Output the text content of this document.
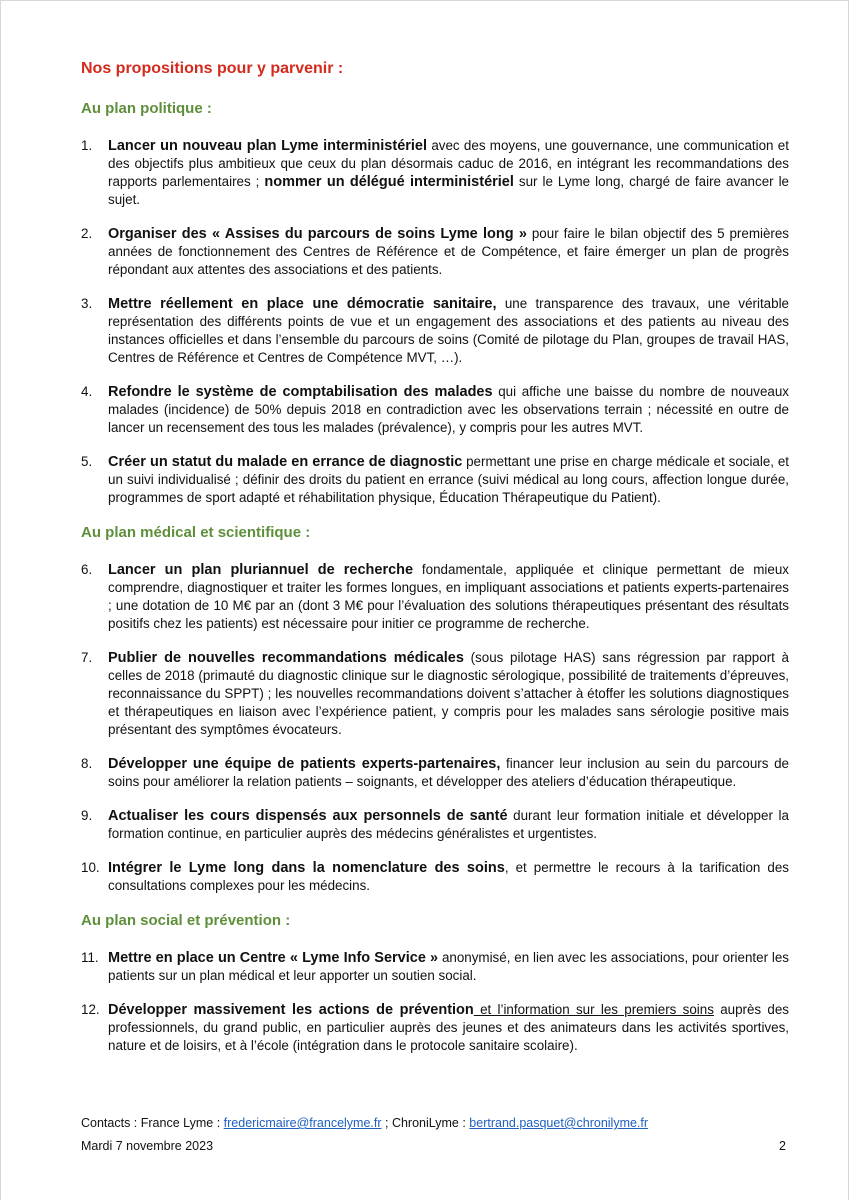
Nos propositions pour y parvenir :
Au plan politique :
1. Lancer un nouveau plan Lyme interministériel avec des moyens, une gouvernance, une communication et des objectifs plus ambitieux que ceux du plan désormais caduc de 2016, en intégrant les recommandations des rapports parlementaires ; nommer un délégué interministériel sur le Lyme long, chargé de faire avancer le sujet.
2. Organiser des « Assises du parcours de soins Lyme long » pour faire le bilan objectif des 5 premières années de fonctionnement des Centres de Référence et de Compétence, et faire émerger un plan de progrès répondant aux attentes des associations et des patients.
3. Mettre réellement en place une démocratie sanitaire, une transparence des travaux, une véritable représentation des différents points de vue et un engagement des associations et des patients au niveau des instances officielles et dans l’ensemble du parcours de soins (Comité de pilotage du Plan, groupes de travail HAS, Centres de Référence et Centres de Compétence MVT, …).
4. Refondre le système de comptabilisation des malades qui affiche une baisse du nombre de nouveaux malades (incidence) de 50% depuis 2018 en contradiction avec les observations terrain ; nécessité en outre de lancer un recensement des tous les malades (prévalence), y compris pour les autres MVT.
5. Créer un statut du malade en errance de diagnostic permettant une prise en charge médicale et sociale, et un suivi individualisé ; définir des droits du patient en errance (suivi médical au long cours, affection longue durée, programmes de sport adapté et réhabilitation physique, Éducation Thérapeutique du Patient).
Au plan médical et scientifique :
6. Lancer un plan pluriannuel de recherche fondamentale, appliquée et clinique permettant de mieux comprendre, diagnostiquer et traiter les formes longues, en impliquant associations et patients experts-partenaires ; une dotation de 10 M€ par an (dont 3 M€ pour l’évaluation des solutions thérapeutiques présentant des résultats positifs chez les patients) est nécessaire pour initier ce programme de recherche.
7. Publier de nouvelles recommandations médicales (sous pilotage HAS) sans régression par rapport à celles de 2018 (primauté du diagnostic clinique sur le diagnostic sérologique, possibilité de traitements d’épreuves, reconnaissance du SPPT) ; les nouvelles recommandations doivent s’attacher à étoffer les solutions diagnostiques et thérapeutiques en liaison avec l’expérience patient, y compris pour les malades sans sérologie positive mais présentant des symptômes évocateurs.
8. Développer une équipe de patients experts-partenaires, financer leur inclusion au sein du parcours de soins pour améliorer la relation patients – soignants, et développer des ateliers d’éducation thérapeutique.
9. Actualiser les cours dispensés aux personnels de santé durant leur formation initiale et développer la formation continue, en particulier auprès des médecins généralistes et urgentistes.
10. Intégrer le Lyme long dans la nomenclature des soins, et permettre le recours à la tarification des consultations complexes pour les médecins.
Au plan social et prévention :
11. Mettre en place un Centre « Lyme Info Service » anonymisé, en lien avec les associations, pour orienter les patients sur un plan médical et leur apporter un soutien social.
12. Développer massivement les actions de prévention et l’information sur les premiers soins auprès des professionnels, du grand public, en particulier auprès des jeunes et des animateurs dans les activités sportives, nature et de loisirs, et à l’école (intégration dans le protocole sanitaire scolaire).
Contacts : France Lyme : fredericmaire@francelyme.fr ; ChroniLyme : bertrand.pasquet@chronilyme.fr
Mardi 7 novembre 2023	2
